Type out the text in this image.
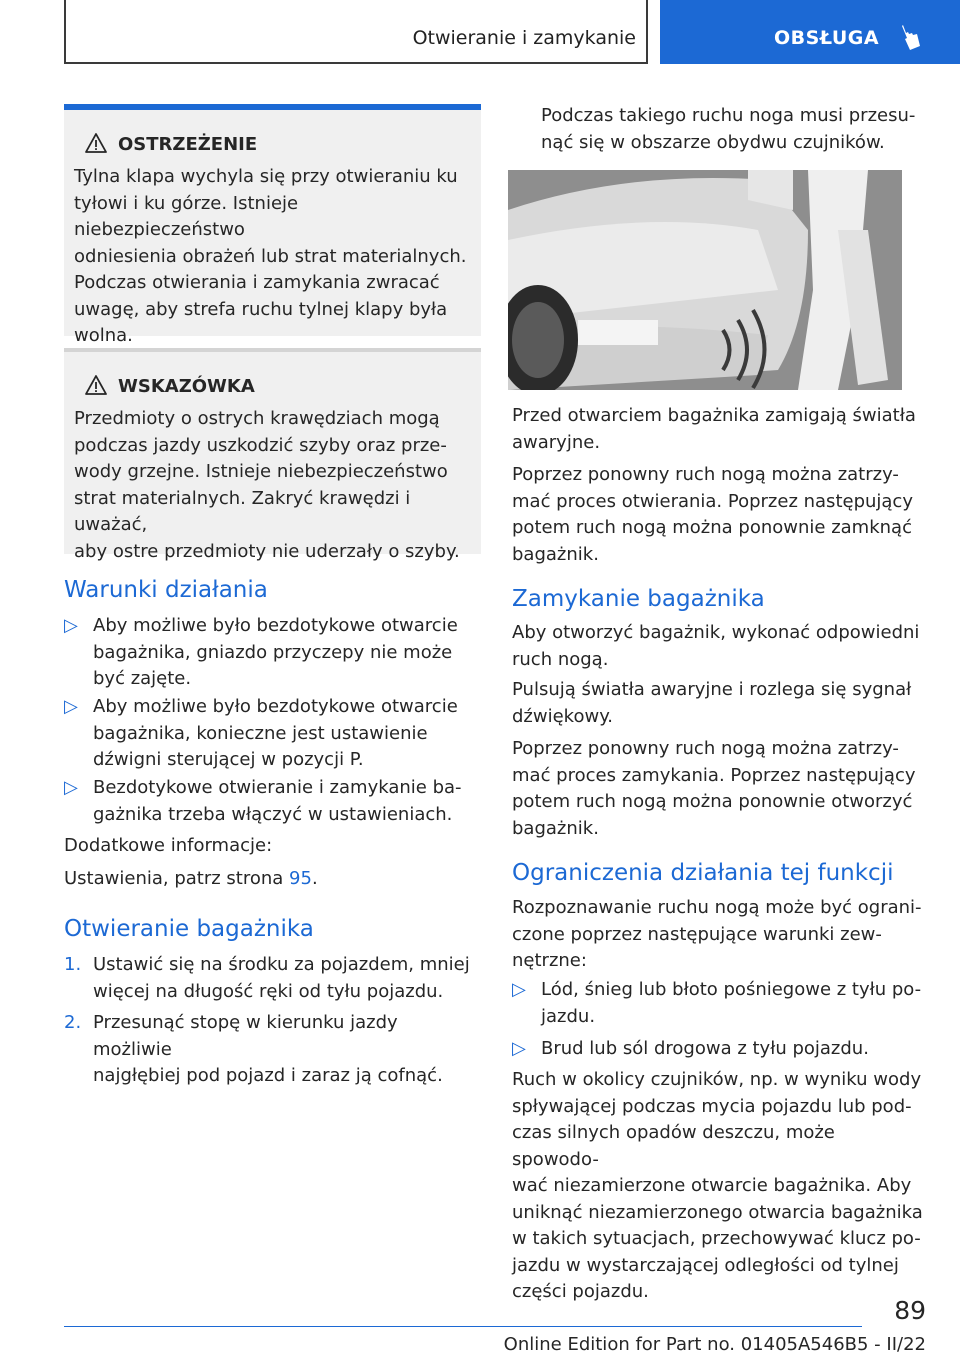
Otwieranie i zamykanie	OBSŁUGA
OSTRZEŻENIE
Tylna klapa wychyla się przy otwieraniu ku
tyłowi i ku górze. Istnieje niebezpieczeństwo
odniesienia obrażeń lub strat materialnych.
Podczas otwierania i zamykania zwracać
uwagę, aby strefa ruchu tylnej klapy była
wolna.
WSKAZÓWKA
Przedmioty o ostrych krawędziach mogą
podczas jazdy uszkodzić szyby oraz prze-
wody grzejne. Istnieje niebezpieczeństwo
strat materialnych. Zakryć krawędzi i uważać,
aby ostre przedmioty nie uderzały o szyby.
Warunki działania
▷ Aby możliwe było bezdotykowe otwarcie
bagażnika, gniazdo przyczepy nie może
być zajęte.
▷ Aby możliwe było bezdotykowe otwarcie
bagażnika, konieczne jest ustawienie
dźwigni sterującej w pozycji P.
▷ Bezdotykowe otwieranie i zamykanie ba-
gażnika trzeba włączyć w ustawieniach.
Dodatkowe informacje:
Ustawienia, patrz strona 95.
Otwieranie bagażnika
1. Ustawić się na środku za pojazdem, mniej
więcej na długość ręki od tyłu pojazdu.
2. Przesunąć stopę w kierunku jazdy możliwie
najgłębiej pod pojazd i zaraz ją cofnąć.
Podczas takiego ruchu noga musi przesu-
nąć się w obszarze obydwu czujników.
Przed otwarciem bagażnika zamigają światła
awaryjne.
Poprzez ponowny ruch nogą można zatrzy-
mać proces otwierania. Poprzez następujący
potem ruch nogą można ponownie zamknąć
bagażnik.
Zamykanie bagażnika
Aby otworzyć bagażnik, wykonać odpowiedni
ruch nogą.
Pulsują światła awaryjne i rozlega się sygnał
dźwiękowy.
Poprzez ponowny ruch nogą można zatrzy-
mać proces zamykania. Poprzez następujący
potem ruch nogą można ponownie otworzyć
bagażnik.
Ograniczenia działania tej funkcji
Rozpoznawanie ruchu nogą może być ograni-
czone poprzez następujące warunki zew-
nętrzne:
▷ Lód, śnieg lub błoto pośniegowe z tyłu po-
jazdu.
▷ Brud lub sól drogowa z tyłu pojazdu.
Ruch w okolicy czujników, np. w wyniku wody
spływającej podczas mycia pojazdu lub pod-
czas silnych opadów deszczu, może spowodo-
wać niezamierzone otwarcie bagażnika. Aby
uniknąć niezamierzonego otwarcia bagażnika
w takich sytuacjach, przechowywać klucz po-
jazdu w wystarczającej odległości od tylnej
części pojazdu.
89
Online Edition for Part no. 01405A546B5 - II/22
